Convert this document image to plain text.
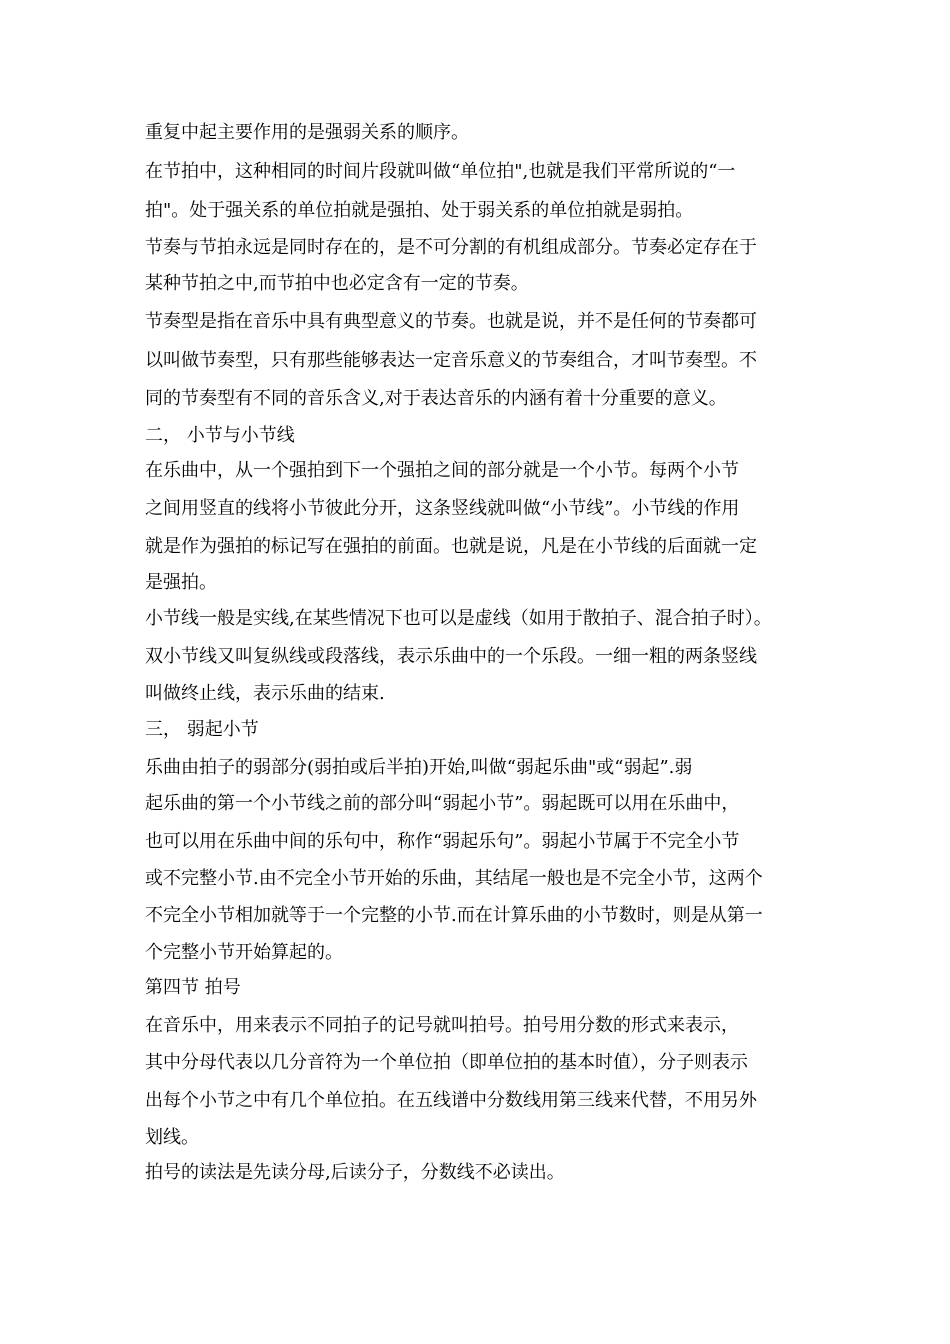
重复中起主要作用的是强弱关系的顺序。
在节拍中，这种相同的时间片段就叫做“单位拍",也就是我们平常所说的“一
拍"。处于强关系的单位拍就是强拍、处于弱关系的单位拍就是弱拍。
节奏与节拍永远是同时存在的，是不可分割的有机组成部分。节奏必定存在于
某种节拍之中,而节拍中也必定含有一定的节奏。
节奏型是指在音乐中具有典型意义的节奏。也就是说，并不是任何的节奏都可
以叫做节奏型，只有那些能够表达一定音乐意义的节奏组合，才叫节奏型。不
同的节奏型有不同的音乐含义,对于表达音乐的内涵有着十分重要的意义。
二， 小节与小节线
在乐曲中，从一个强拍到下一个强拍之间的部分就是一个小节。每两个小节
之间用竖直的线将小节彼此分开，这条竖线就叫做“小节线”。小节线的作用
就是作为强拍的标记写在强拍的前面。也就是说，凡是在小节线的后面就一定
是强拍。
小节线一般是实线,在某些情况下也可以是虚线（如用于散拍子、混合拍子时）。
双小节线又叫复纵线或段落线，表示乐曲中的一个乐段。一细一粗的两条竖线
叫做终止线，表示乐曲的结束.
三， 弱起小节
乐曲由拍子的弱部分(弱拍或后半拍)开始,叫做“弱起乐曲"或“弱起”.弱
起乐曲的第一个小节线之前的部分叫“弱起小节”。弱起既可以用在乐曲中，
也可以用在乐曲中间的乐句中，称作“弱起乐句”。弱起小节属于不完全小节
或不完整小节.由不完全小节开始的乐曲，其结尾一般也是不完全小节，这两个
不完全小节相加就等于一个完整的小节.而在计算乐曲的小节数时，则是从第一
个完整小节开始算起的。
第四节 拍号
在音乐中，用来表示不同拍子的记号就叫拍号。拍号用分数的形式来表示，
其中分母代表以几分音符为一个单位拍（即单位拍的基本时值），分子则表示
出每个小节之中有几个单位拍。在五线谱中分数线用第三线来代替，不用另外
划线。
拍号的读法是先读分母,后读分子，分数线不必读出。
